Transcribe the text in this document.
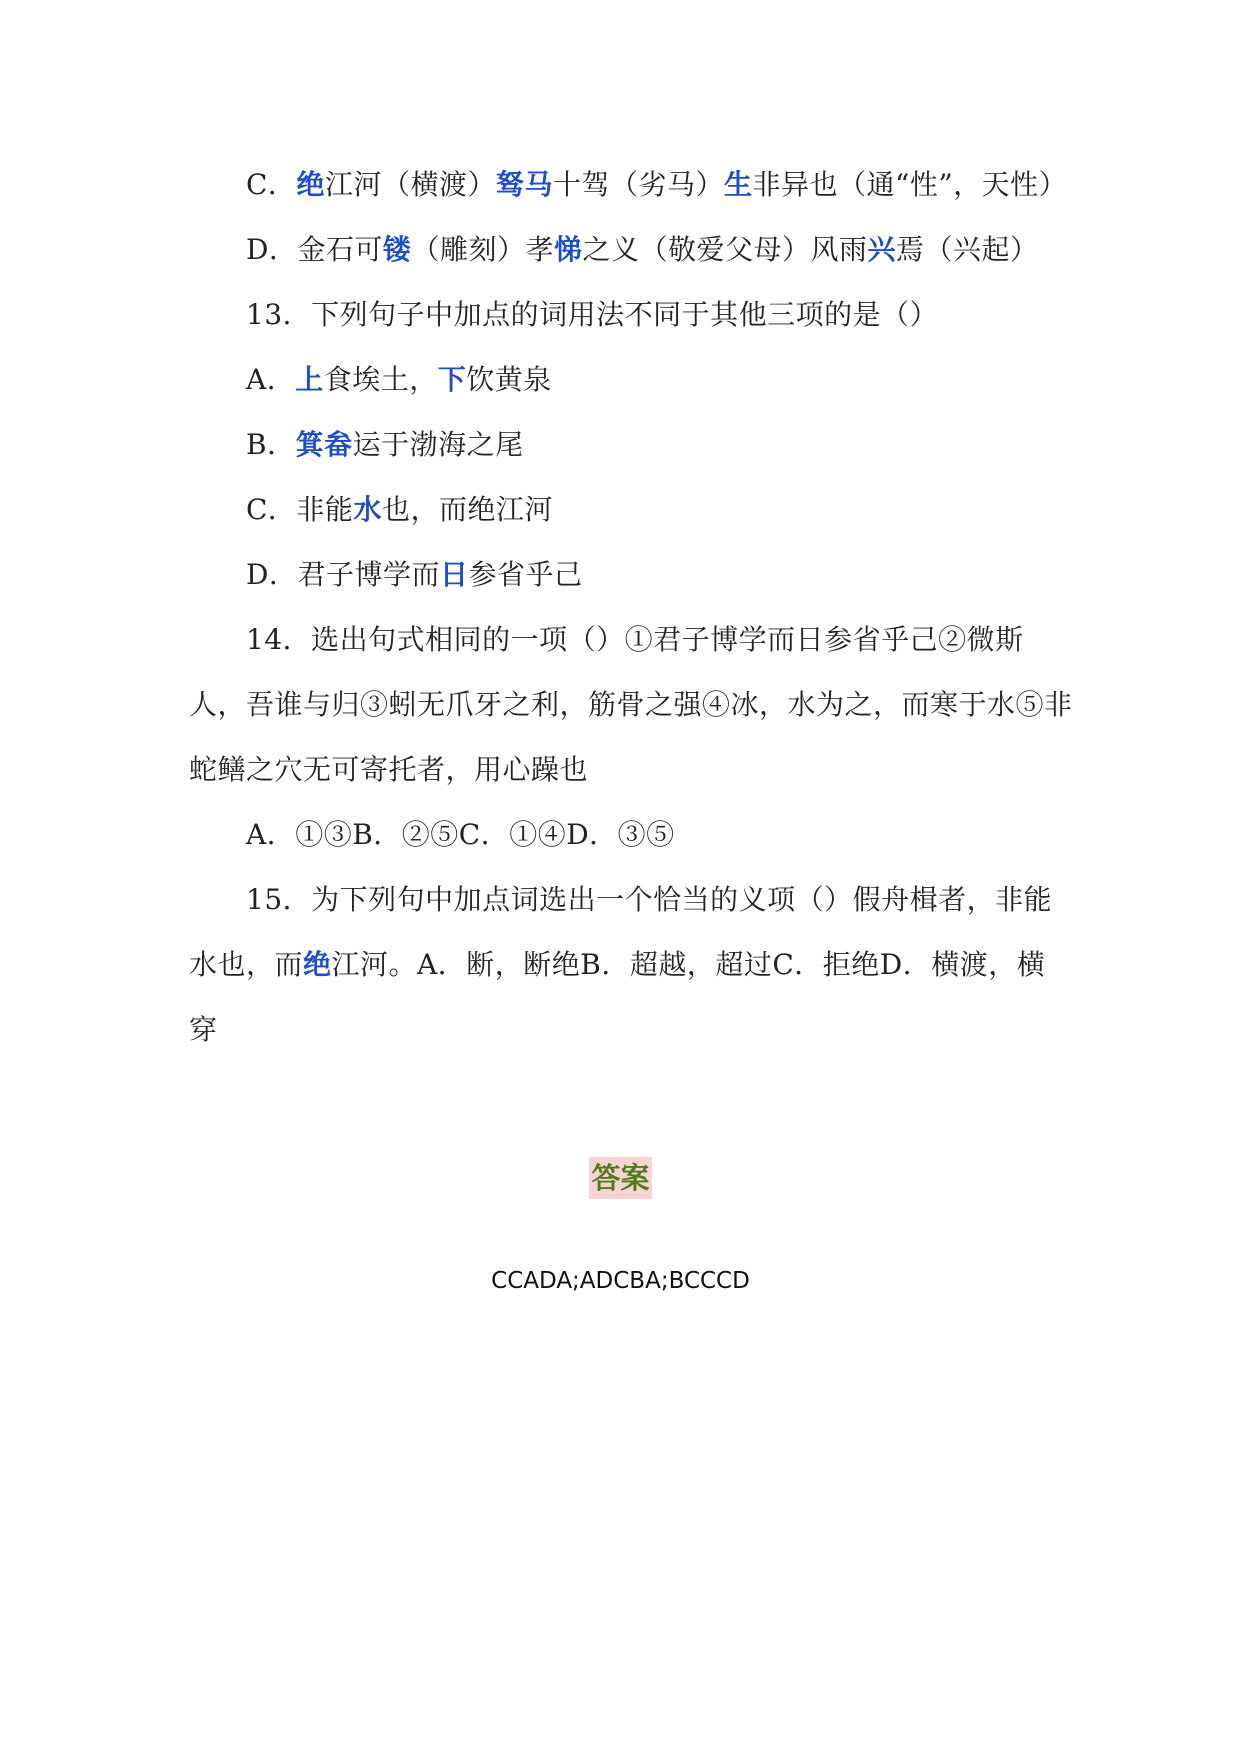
C．绝江河（横渡）驽马十驾（劣马）生非异也（通“性”，天性）

D．金石可镂（雕刻）孝悌之义（敬爱父母）风雨兴焉（兴起）

13．下列句子中加点的词用法不同于其他三项的是（）

A．上食埃土，下饮黄泉

B．箕畚运于渤海之尾

C．非能水也，而绝江河

D．君子博学而日参省乎己

14．选出句式相同的一项（）①君子博学而日参省乎己②微斯人，吾谁与归③蚓无爪牙之利，筋骨之强④冰，水为之，而寒于水⑤非蛇鳝之穴无可寄托者，用心躁也

A．①③B．②⑤C．①④D．③⑤

15．为下列句中加点词选出一个恰当的义项（）假舟楫者，非能水也，而绝江河。A．断，断绝B．超越，超过C．拒绝D．横渡，横穿

答案
CCADA;ADCBA;BCCCD
